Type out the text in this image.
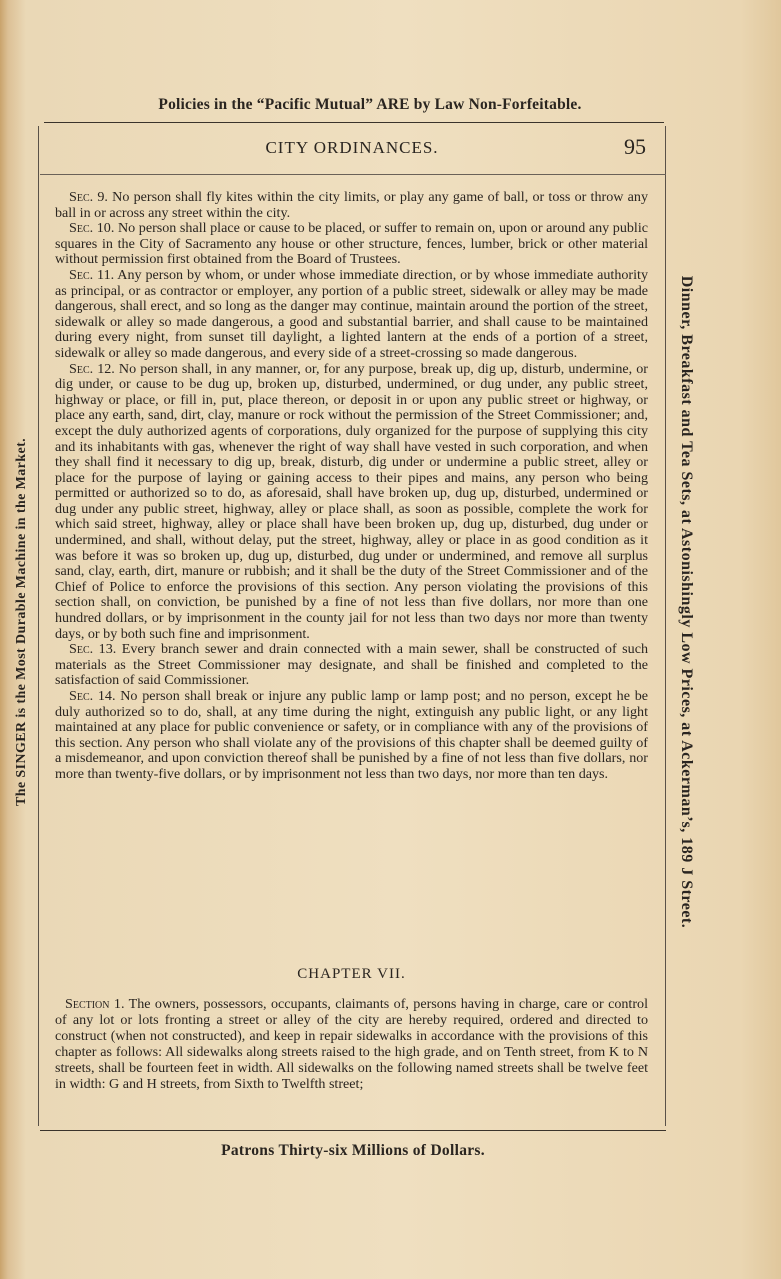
Policies in the “Pacific Mutual” ARE by Law Non-Forfeitable.
The SINGER is the Most Durable Machine in the Market.	Dinner, Breakfast and Tea Sets, at Astonishingly Low Prices, at Ackerman’s, 189 J Street.
CITY ORDINANCES.	95

Sec. 9. No person shall fly kites within the city limits, or play any game of ball, or toss or throw any ball in or across any street within the city.

Sec. 10. No person shall place or cause to be placed, or suffer to remain on, upon or around any public squares in the City of Sacramento any house or other structure, fences, lumber, brick or other material without permission first obtained from the Board of Trustees.

Sec. 11. Any person by whom, or under whose immediate direction, or by whose immediate authority as principal, or as contractor or employer, any portion of a public street, sidewalk or alley may be made dangerous, shall erect, and so long as the danger may continue, maintain around the portion of the street, sidewalk or alley so made dangerous, a good and substantial barrier, and shall cause to be maintained during every night, from sunset till daylight, a lighted lantern at the ends of a portion of a street, sidewalk or alley so made dangerous, and every side of a street-crossing so made dangerous.

Sec. 12. No person shall, in any manner, or, for any purpose, break up, dig up, disturb, undermine, or dig under, or cause to be dug up, broken up, disturbed, undermined, or dug under, any public street, highway or place, or fill in, put, place thereon, or deposit in or upon any public street or highway, or place any earth, sand, dirt, clay, manure or rock without the permission of the Street Commissioner; and, except the duly authorized agents of corporations, duly organized for the purpose of supplying this city and its inhabitants with gas, whenever the right of way shall have vested in such corporation, and when they shall find it necessary to dig up, break, disturb, dig under or undermine a public street, alley or place for the purpose of laying or gaining access to their pipes and mains, any person who being permitted or authorized so to do, as aforesaid, shall have broken up, dug up, disturbed, undermined or dug under any public street, highway, alley or place shall, as soon as possible, complete the work for which said street, highway, alley or place shall have been broken up, dug up, disturbed, dug under or undermined, and shall, without delay, put the street, highway, alley or place in as good condition as it was before it was so broken up, dug up, disturbed, dug under or undermined, and remove all surplus sand, clay, earth, dirt, manure or rubbish; and it shall be the duty of the Street Commissioner and of the Chief of Police to enforce the provisions of this section. Any person violating the provisions of this section shall, on conviction, be punished by a fine of not less than five dollars, nor more than one hundred dollars, or by imprisonment in the county jail for not less than two days nor more than twenty days, or by both such fine and imprisonment.

Sec. 13. Every branch sewer and drain connected with a main sewer, shall be constructed of such materials as the Street Commissioner may designate, and shall be finished and completed to the satisfaction of said Commissioner.

Sec. 14. No person shall break or injure any public lamp or lamp post; and no person, except he be duly authorized so to do, shall, at any time during the night, extinguish any public light, or any light maintained at any place for public convenience or safety, or in compliance with any of the provisions of this section. Any person who shall violate any of the provisions of this chapter shall be deemed guilty of a misdemeanor, and upon conviction thereof shall be punished by a fine of not less than five dollars, nor more than twenty-five dollars, or by imprisonment not less than two days, nor more than ten days.

CHAPTER VII.

Section 1. The owners, possessors, occupants, claimants of, persons having in charge, care or control of any lot or lots fronting a street or alley of the city are hereby required, ordered and directed to construct (when not constructed), and keep in repair sidewalks in accordance with the provisions of this chapter as follows: All sidewalks along streets raised to the high grade, and on Tenth street, from K to N streets, shall be fourteen feet in width. All sidewalks on the following named streets shall be twelve feet in width: G and H streets, from Sixth to Twelfth street;

Patrons Thirty-six Millions of Dollars.
